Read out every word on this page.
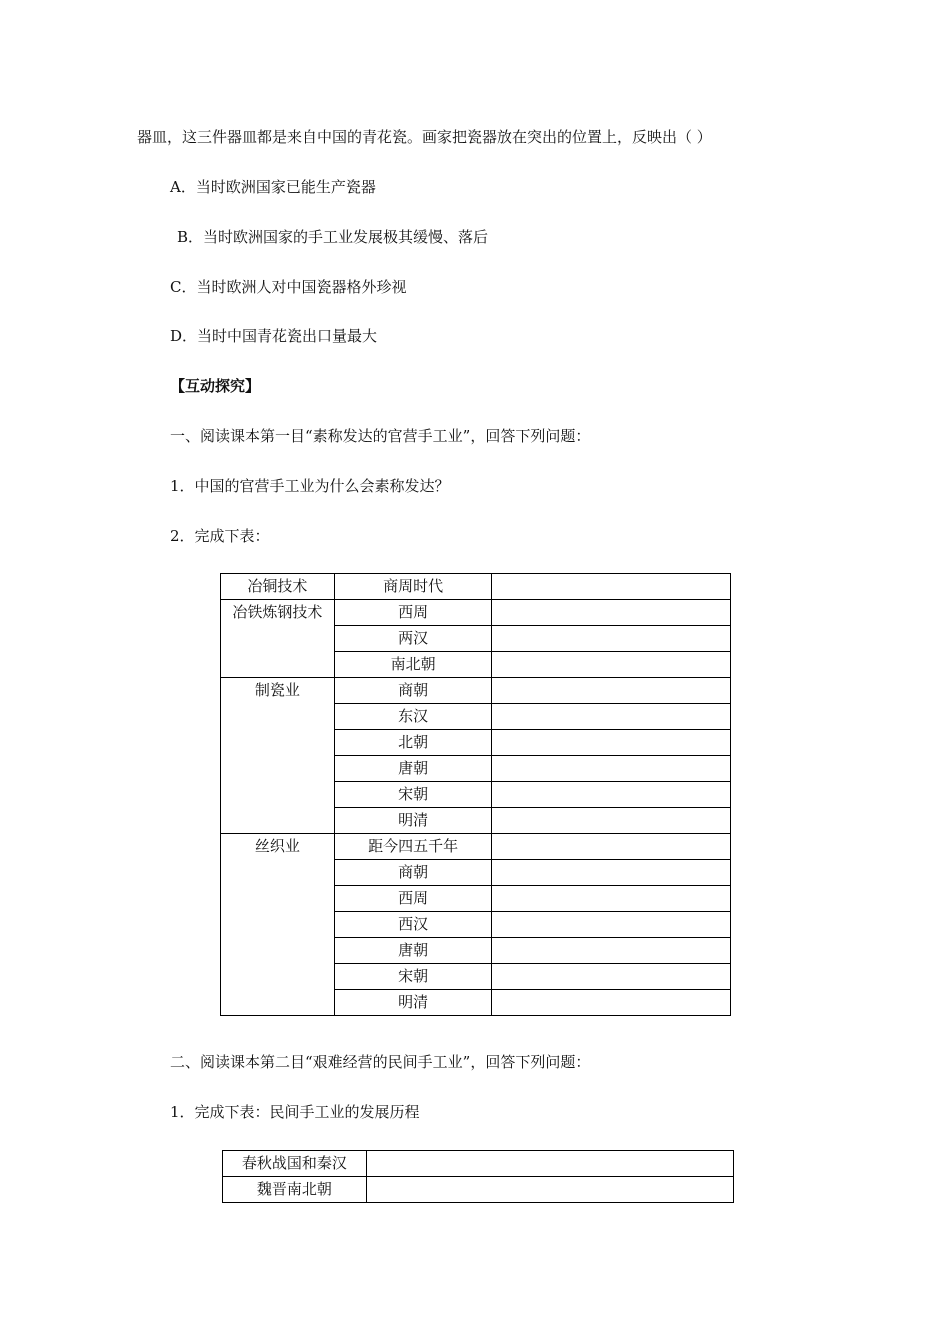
器皿，这三件器皿都是来自中国的青花瓷。画家把瓷器放在突出的位置上，反映出（ ）
A．当时欧洲国家已能生产瓷器
B．当时欧洲国家的手工业发展极其缓慢、落后
C．当时欧洲人对中国瓷器格外珍视
D．当时中国青花瓷出口量最大
【互动探究】
一、阅读课本第一目“素称发达的官营手工业”，回答下列问题：
1．中国的官营手工业为什么会素称发达？
2．完成下表：
冶铜技术	商周时代	
冶铁炼钢技术	西周	
	两汉	
	南北朝	
制瓷业	商朝	
	东汉	
	北朝	
	唐朝	
	宋朝	
	明清	
丝织业	距今四五千年	
	商朝	
	西周	
	西汉	
	唐朝	
	宋朝	
	明清	
二、阅读课本第二目“艰难经营的民间手工业”，回答下列问题：
1．完成下表：民间手工业的发展历程
春秋战国和秦汉	
魏晋南北朝	
